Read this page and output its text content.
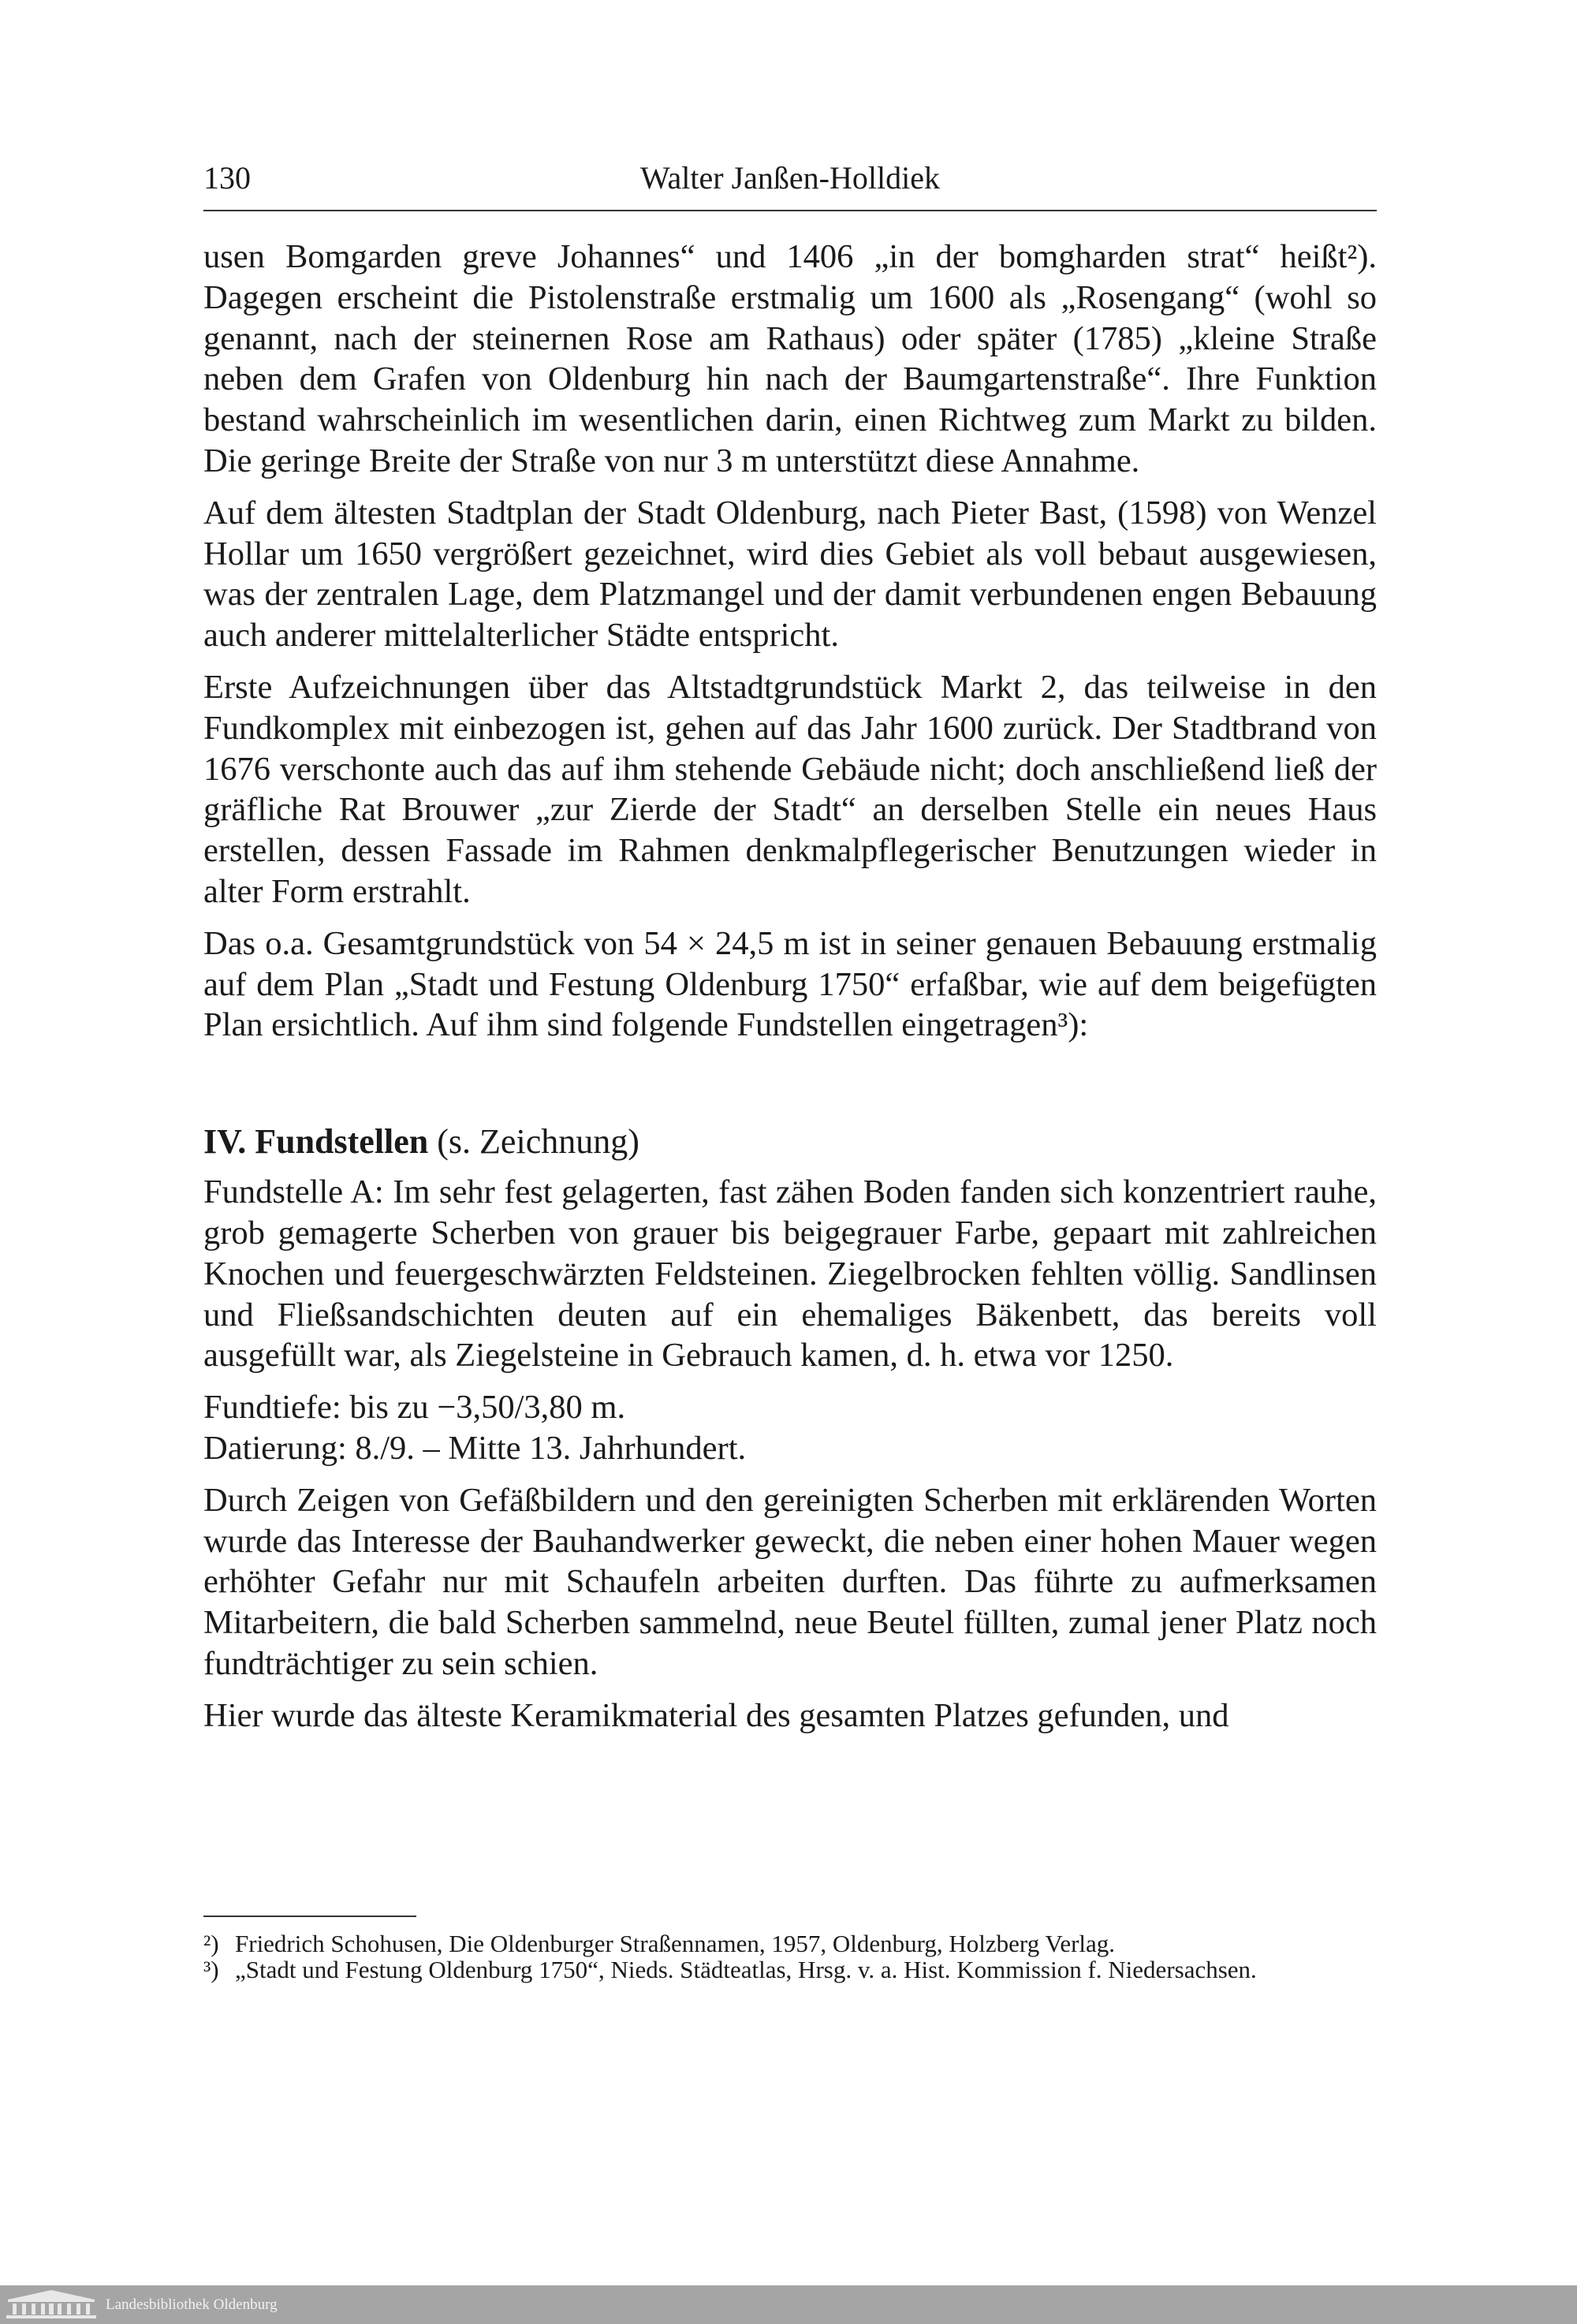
130	Walter Janßen-Holldiek

usen Bomgarden greve Johannes“ und 1406 „in der bomgharden strat“ heißt²). Dagegen erscheint die Pistolenstraße erstmalig um 1600 als „Rosengang“ (wohl so genannt, nach der steinernen Rose am Rathaus) oder später (1785) „kleine Straße neben dem Grafen von Oldenburg hin nach der Baumgartenstraße“. Ihre Funktion bestand wahrscheinlich im wesentlichen darin, einen Richtweg zum Markt zu bilden. Die geringe Breite der Straße von nur 3 m unterstützt diese Annahme.

Auf dem ältesten Stadtplan der Stadt Oldenburg, nach Pieter Bast, (1598) von Wenzel Hollar um 1650 vergrößert gezeichnet, wird dies Gebiet als voll bebaut ausgewiesen, was der zentralen Lage, dem Platzmangel und der damit verbundenen engen Bebauung auch anderer mittelalterlicher Städte entspricht.

Erste Aufzeichnungen über das Altstadtgrundstück Markt 2, das teilweise in den Fundkomplex mit einbezogen ist, gehen auf das Jahr 1600 zurück. Der Stadtbrand von 1676 verschonte auch das auf ihm stehende Gebäude nicht; doch anschließend ließ der gräfliche Rat Brouwer „zur Zierde der Stadt“ an derselben Stelle ein neues Haus erstellen, dessen Fassade im Rahmen denkmalpflegerischer Benutzungen wieder in alter Form erstrahlt.

Das o.a. Gesamtgrundstück von 54 × 24,5 m ist in seiner genauen Bebauung erstmalig auf dem Plan „Stadt und Festung Oldenburg 1750“ erfaßbar, wie auf dem beigefügten Plan ersichtlich. Auf ihm sind folgende Fundstellen eingetragen³):

IV. Fundstellen (s. Zeichnung)

Fundstelle A: Im sehr fest gelagerten, fast zähen Boden fanden sich konzentriert rauhe, grob gemagerte Scherben von grauer bis beigegrauer Farbe, gepaart mit zahlreichen Knochen und feuergeschwärzten Feldsteinen. Ziegelbrocken fehlten völlig. Sandlinsen und Fließsandschichten deuten auf ein ehemaliges Bäkenbett, das bereits voll ausgefüllt war, als Ziegelsteine in Gebrauch kamen, d. h. etwa vor 1250.

Fundtiefe: bis zu −3,50/3,80 m.
Datierung: 8./9. – Mitte 13. Jahrhundert.

Durch Zeigen von Gefäßbildern und den gereinigten Scherben mit erklärenden Worten wurde das Interesse der Bauhandwerker geweckt, die neben einer hohen Mauer wegen erhöhter Gefahr nur mit Schaufeln arbeiten durften. Das führte zu aufmerksamen Mitarbeitern, die bald Scherben sammelnd, neue Beutel füllten, zumal jener Platz noch fundträchtiger zu sein schien.

Hier wurde das älteste Keramikmaterial des gesamten Platzes gefunden, und

²) Friedrich Schohusen, Die Oldenburger Straßennamen, 1957, Oldenburg, Holzberg Verlag.
³) „Stadt und Festung Oldenburg 1750“, Nieds. Städteatlas, Hrsg. v. a. Hist. Kommission f. Niedersachsen.
Landesbibliothek Oldenburg
